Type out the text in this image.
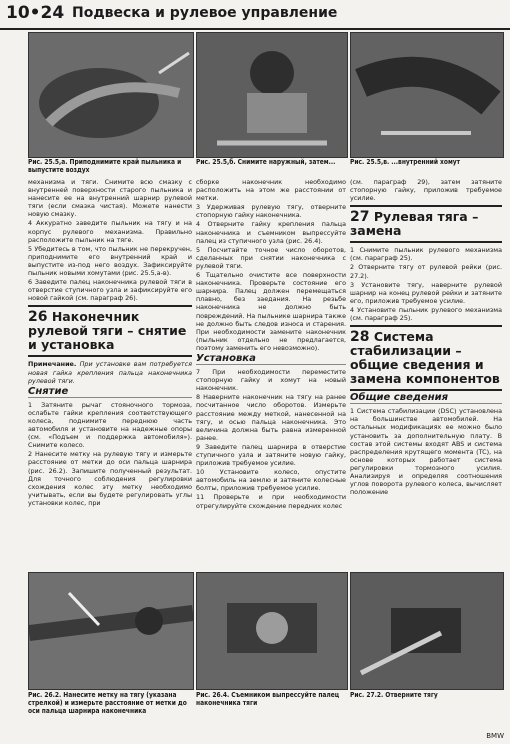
10•24 Подвеска и рулевое управление
Рис. 25.5,a. Приподнимите край пыльника и выпустите воздух
Рис. 25.5,б. Снимите наружный, затем...	Рис. 25.5,в. ...внутренний хомут

механизма и тяги. Снимите всю смазку с внутренней поверхности старого пыльника и нанесите ее на внутренний шарнир рулевой тяги (если смазка чистая). Можете нанести новую смазку.

4 Аккуратно заведите пыльник на тягу и на корпус рулевого механизма. Правильно расположите пыльник на тяге.

5 Убедитесь в том, что пыльник не перекручен, приподнимите его внутренний край и выпустите из-под него воздух. Зафиксируйте пыльник новыми хомутами (рис. 25.5,а-в).

6 Заведите палец наконечника рулевой тяги в отверстие ступичного узла и зафиксируйте его новой гайкой (см. параграф 26).

26 Наконечник рулевой тяги – снятие и установка

Примечание. При установке вам потребуется новая гайка крепления пальца наконечника рулевой тяги.

Снятие

1 Затяните рычаг стояночного тормоза, ослабьте гайки крепления соответствующего колеса, поднимите переднюю часть автомобиля и установите на надежные опоры (см. «Подъем и поддержка автомобиля»). Снимите колесо.

2 Нанесите метку на рулевую тягу и измерьте расстояние от метки до оси пальца шарнира (рис. 26.2). Запишите полученный результат. Для точного соблюдения регулировки схождения колес эту метку необходимо учитывать, если вы будете регулировать углы установки колес, при

сборке наконечник необходимо расположить на этом же расстоянии от метки.

3 Удерживая рулевую тягу, отверните стопорную гайку наконечника.

4 Отверните гайку крепления пальца наконечника и съемником выпрессуйте палец из ступичного узла (рис. 26.4).

5 Посчитайте точное число оборотов, сделанных при снятии наконечника с рулевой тяги.

6 Тщательно очистите все поверхности наконечника. Проверьте состояние его шарнира. Палец должен перемещаться плавно, без заедания. На резьбе наконечника не должно быть повреждений. На пыльнике шарнира также не должно быть следов износа и старения. При необходимости замените наконечник (пыльник отдельно не предлагается, поэтому заменить его невозможно).

Установка

7 При необходимости переместите стопорную гайку и хомут на новый наконечник.

8 Наверните наконечник на тягу на ранее посчитанное число оборотов. Измерьте расстояние между меткой, нанесенной на тягу, и осью пальца наконечника. Это величина должна быть равна измеренной ранее.

9 Заведите палец шарнира в отверстие ступичного узла и затяните новую гайку, приложив требуемое усилие.

10 Установите колесо, опустите автомобиль на землю и затяните колесные болты, приложив требуемое усилие.

11 Проверьте и при необходимости отрегулируйте схождение передних колес

(см. параграф 29), затем затяните стопорную гайку, приложив требуемое усилие.

27 Рулевая тяга – замена

1 Снимите пыльник рулевого механизма (см. параграф 25).

2 Отверните тягу от рулевой рейки (рис. 27.2).

3 Установите тягу, наверните рулевой шарнир на конец рулевой рейки и затяните его, приложив требуемое усилие.

4 Установите пыльник рулевого механизма (см. параграф 25).

28 Система стабилизации – общие сведения и замена компонентов
Общие сведения

1 Система стабилизации (DSC) установлена на большинстве автомобилей. На остальных модификациях ее можно было установить за дополнительную плату. В состав этой системы входят ABS и система распределения крутящего момента (TC), на основе которых работает система регулировки тормозного усилия. Анализируя и определяя соотношения углов поворота рулевого колеса, вычисляет положение

Рис. 26.2. Нанесите метку на тягу (указана стрелкой) и измерьте расстояние от метки до оси пальца шарнира наконечника
Рис. 26.4. Съемником выпрессуйте палец наконечника тяги
Рис. 27.2. Отверните тягу
BMW
